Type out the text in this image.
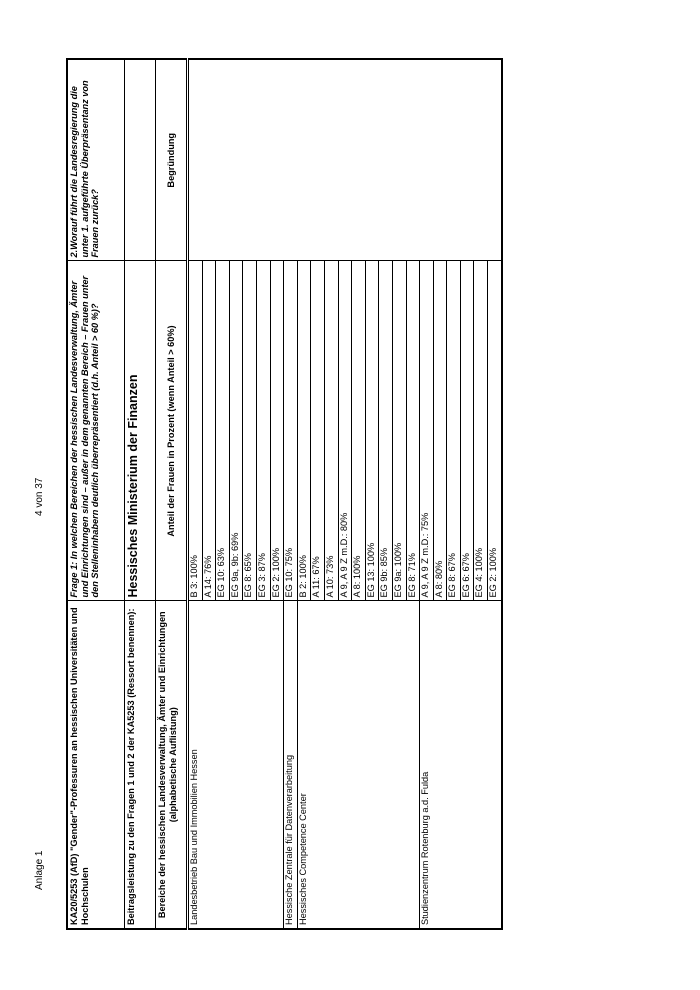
Anlage 1
4 von 37
KA20/5253 (AfD) "Gender"-Professuren an hessischen Universitäten und Hochschulen	Frage 1: In welchen Bereichen der hessischen Landesverwaltung, Ämter und Einrichtungen sind – außer in dem genannten Bereich – Frauen unter den Stelleninhabern deutlich überrepräsentiert (d.h. Anteil > 60 %)?	2.Worauf führt die Landesregierung die unter 1. aufgeführte Überpräsentanz von Frauen zurück?
Beitragsleistung zu den Fragen 1 und 2 der KA5253 (Ressort benennen):	Hessisches Ministerium der Finanzen	
Bereiche der hessischen Landesverwaltung, Ämter und Einrichtungen (alphabetische Auflistung)	Anteil der Frauen in Prozent (wenn Anteil > 60%)	Begründung
Landesbetrieb Bau und Immobilien Hessen	B 3: 100%	
	A 14: 76%	
	EG 10: 63%	
	EG 9a, 9b: 69%	
	EG 8: 65%	
	EG 3: 87%	
	EG 2: 100%	
Hessische Zentrale für Datenverarbeitung	EG 10: 75%	
Hessisches Competence Center	B 2: 100%	
	A 11: 67%	
	A 10: 73%	
	A 9, A 9 Z m.D.: 80%	
	A 8: 100%	
	EG 13: 100%	
	EG 9b: 85%	
	EG 9a: 100%	
	EG 8: 71%	
Studienzentrum Rotenburg a.d. Fulda	A 9, A 9 Z m.D.: 75%	
	A 8: 80%	
	EG 8: 67%	
	EG 6: 67%	
	EG 4: 100%	
	EG 2: 100%	
